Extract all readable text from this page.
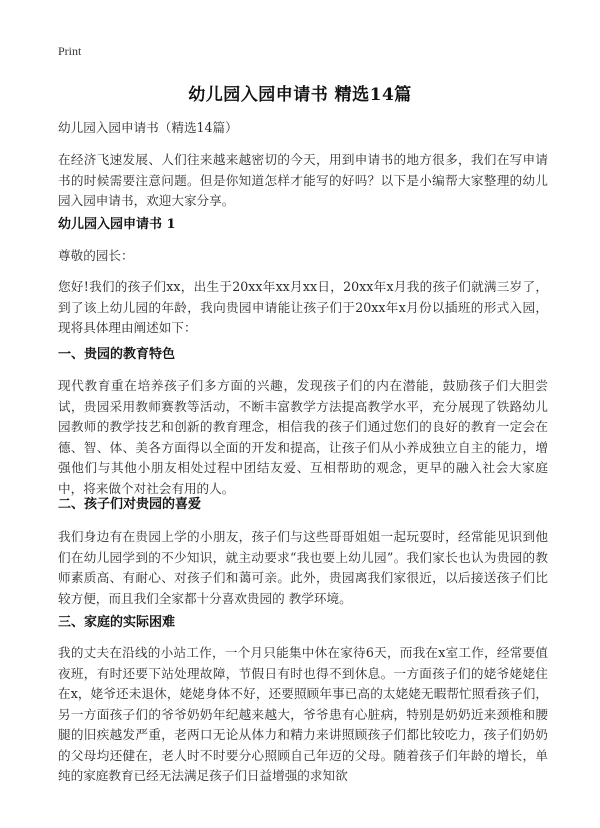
Print
幼儿园入园申请书 精选14篇

幼儿园入园申请书（精选14篇）

在经济飞速发展、人们往来越来越密切的今天，用到申请书的地方很多，我们在写申请书的时候需要注意问题。但是你知道怎样才能写的好吗？以下是小编帮大家整理的幼儿园入园申请书，欢迎大家分享。

幼儿园入园申请书 1

尊敬的园长：

您好!我们的孩子们xx，出生于20xx年xx月xx日，20xx年x月我的孩子们就满三岁了，到了该上幼儿园的年龄，我向贵园申请能让孩子们于20xx年x月份以插班的形式入园，现将具体理由阐述如下：

一、贵园的教育特色

现代教育重在培养孩子们多方面的兴趣，发现孩子们的内在潜能，鼓励孩子们大胆尝试，贵园采用教师赛教等活动，不断丰富教学方法提高教学水平，充分展现了铁路幼儿园教师的教学技艺和创新的教育理念，相信我的孩子们通过您们的良好的教育一定会在德、智、体、美各方面得以全面的开发和提高，让孩子们从小养成独立自主的能力，增强他们与其他小朋友相处过程中团结友爱、互相帮助的观念，更早的融入社会大家庭中，将来做个对社会有用的人。

二、孩子们对贵园的喜爱

我们身边有在贵园上学的小朋友，孩子们与这些哥哥姐姐一起玩耍时，经常能见识到他们在幼儿园学到的不少知识，就主动要求“我也要上幼儿园”。我们家长也认为贵园的教师素质高、有耐心、对孩子们和蔼可亲。此外，贵园离我们家很近，以后接送孩子们比较方便，而且我们全家都十分喜欢贵园的 教学环境。

三、家庭的实际困难

我的丈夫在沿线的小站工作，一个月只能集中休在家待6天，而我在x室工作，经常要值夜班，有时还要下站处理故障，节假日有时也得不到休息。一方面孩子们的姥爷姥姥住在x，姥爷还未退休，姥姥身体不好，还要照顾年事已高的太姥姥无暇帮忙照看孩子们，另一方面孩子们的爷爷奶奶年纪越来越大，爷爷患有心脏病，特别是奶奶近来颈椎和腰腿的旧疾越发严重，老两口无论从体力和精力来讲照顾孩子们都比较吃力，孩子们奶奶的父母均还健在，老人时不时要分心照顾自己年迈的父母。随着孩子们年龄的增长，单纯的家庭教育已经无法满足孩子们日益增强的求知欲
